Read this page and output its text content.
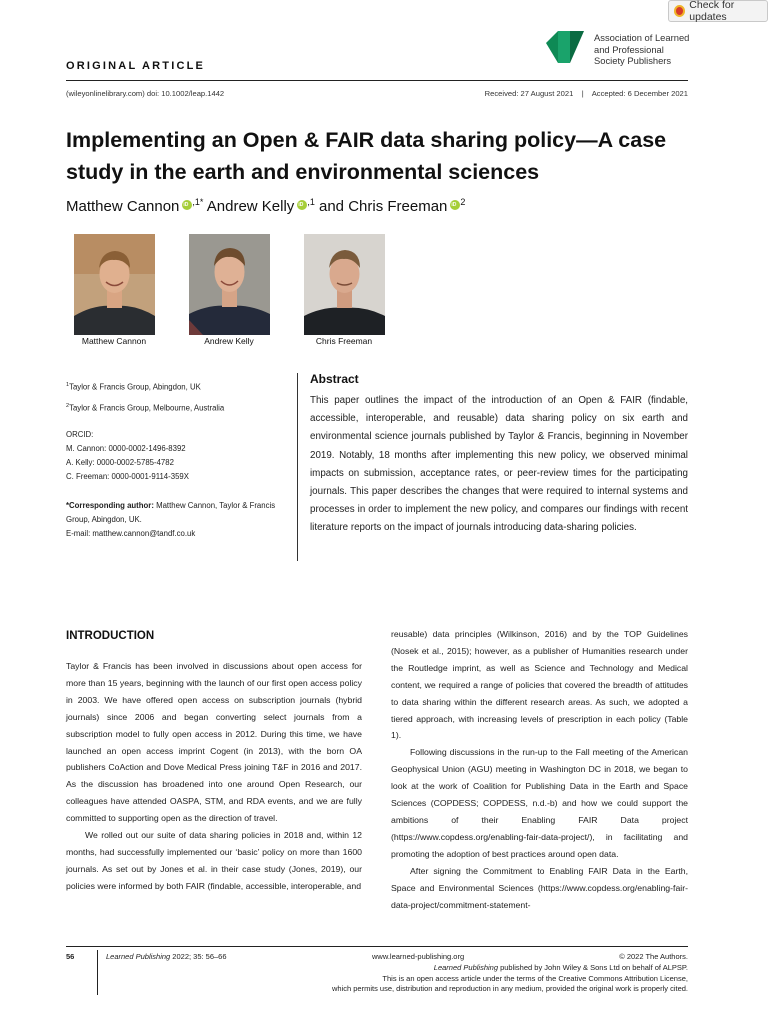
Check for updates
ORIGINAL ARTICLE
Association of Learned
and Professional
Society Publishers
(wileyonlinelibrary.com) doi: 10.1002/leap.1442	Received: 27 August 2021    |    Accepted: 6 December 2021
Implementing an Open & FAIR data sharing policy—A case study in the earth and environmental sciences
Matthew Cannon iD $^{,1*}$ Andrew Kelly iD $^{,1}$ and Chris Freeman iD $^2$
Matthew Cannon	Andrew Kelly	Chris Freeman
$^1$Taylor & Francis Group, Abingdon, UK
$^2$Taylor & Francis Group, Melbourne, Australia
ORCID:
M. Cannon: 0000-0002-1496-8392
A. Kelly: 0000-0002-5785-4782
C. Freeman: 0000-0001-9114-359X
*Corresponding author: Matthew Cannon, Taylor & Francis Group, Abingdon, UK.
E-mail: matthew.cannon@tandf.co.uk
Abstract
This paper outlines the impact of the introduction of an Open & FAIR (findable, accessible, interoperable, and reusable) data sharing policy on six earth and environmental science journals published by Taylor & Francis, beginning in November 2019. Notably, 18 months after implementing this new policy, we observed minimal impacts on submission, acceptance rates, or peer-review times for the participating journals. This paper describes the changes that were required to internal systems and processes in order to implement the new policy, and compares our findings with recent literature reports on the impact of journals introducing data-sharing policies.
INTRODUCTION

Taylor & Francis has been involved in discussions about open access for more than 15 years, beginning with the launch of our first open access policy in 2003. We have offered open access on subscription journals (hybrid journals) since 2006 and began converting select journals from a subscription model to fully open access in 2012. During this time, we have launched an open access imprint Cogent (in 2013), with the born OA publishers CoAction and Dove Medical Press joining T&F in 2016 and 2017. As the discussion has broadened into one around Open Research, our colleagues have attended OASPA, STM, and RDA events, and we are fully committed to supporting open as the direction of travel.

We rolled out our suite of data sharing policies in 2018 and, within 12 months, had successfully implemented our ‘basic’ policy on more than 1600 journals. As set out by Jones et al. in their case study (Jones, 2019), our policies were informed by both FAIR (findable, accessible, interoperable, and

reusable) data principles (Wilkinson, 2016) and by the TOP Guidelines (Nosek et al., 2015); however, as a publisher of Humanities research under the Routledge imprint, as well as Science and Technology and Medical content, we required a range of policies that covered the breadth of attitudes to data sharing within the different research areas. As such, we adopted a tiered approach, with increasing levels of prescription in each policy (Table 1).

Following discussions in the run-up to the Fall meeting of the American Geophysical Union (AGU) meeting in Washington DC in 2018, we began to look at the work of Coalition for Publishing Data in the Earth and Space Sciences (COPDESS; COPDESS, n.d.-b) and how we could support the ambitions of their Enabling FAIR Data project (https://www.copdess.org/enabling-fair-data-project/), in facilitating and promoting the adoption of best practices around open data.

After signing the Commitment to Enabling FAIR Data in the Earth, Space and Environmental Sciences (https://www.copdess.org/enabling-fair-data-project/commitment-statement-

56	Learned Publishing 2022; 35: 56–66	www.learned-publishing.org	© 2022 The Authors.
Learned Publishing published by John Wiley & Sons Ltd on behalf of ALPSP.
This is an open access article under the terms of the Creative Commons Attribution License,
which permits use, distribution and reproduction in any medium, provided the original work is properly cited.
